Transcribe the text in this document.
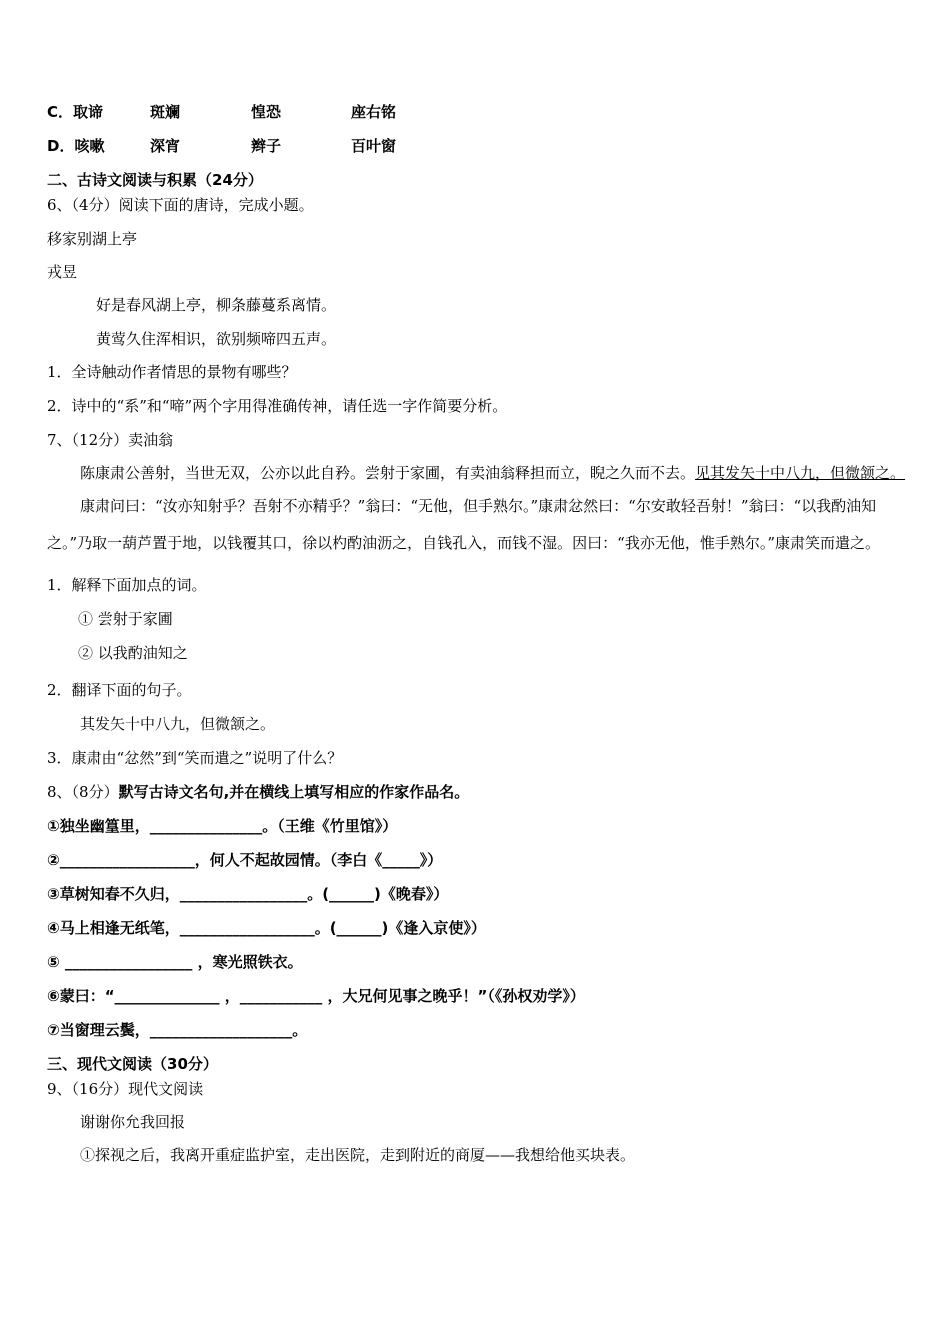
C．取谛	斑斓	惶恐	座右铭
D．咳嗽	深宵	辫子	百叶窗
二、古诗文阅读与积累（24分）
6、（4分）阅读下面的唐诗，完成小题。
移家别湖上亭
戎昱
好是春风湖上亭，柳条藤蔓系离情。
黄莺久住浑相识，欲别频啼四五声。
1．全诗触动作者情思的景物有哪些？
2．诗中的“系”和“啼”两个字用得准确传神，请任选一字作简要分析。
7、（12分）卖油翁
陈康肃公善射，当世无双，公亦以此自矜。尝射于家圃，有卖油翁释担而立，睨之久而不去。见其发矢十中八九，但微颔之。
康肃问曰：“汝亦知射乎？吾射不亦精乎？”翁曰：“无他，但手熟尔。”康肃忿然曰：“尔安敢轻吾射！”翁曰：“以我酌油知之。”乃取一葫芦置于地，以钱覆其口，徐以杓酌油沥之，自钱孔入，而钱不湿。因曰：“我亦无他，惟手熟尔。”康肃笑而遣之。
1．解释下面加点的词。
① 尝射于家圃
② 以我酌油知之
2．翻译下面的句子。
其发矢十中八九，但微颔之。
3．康肃由“忿然”到“笑而遣之”说明了什么？
8、（8分）默写古诗文名句,并在横线上填写相应的作家作品名。
①独坐幽篁里，_______________。（王维《竹里馆》）
②__________________，何人不起故园情。（李白《_____》）
③草树知春不久归，_________________。(______)《晚春》）
④马上相逢无纸笔，__________________。(______)《逢入京使》）
⑤ _________________ ，寒光照铁衣。
⑥蒙曰：“______________ ，___________ ，大兄何见事之晚乎！”（《孙权劝学》）
⑦当窗理云鬓，___________________。
三、现代文阅读（30分）
9、（16分）现代文阅读
谢谢你允我回报
①探视之后，我离开重症监护室，走出医院，走到附近的商厦——我想给他买块表。
